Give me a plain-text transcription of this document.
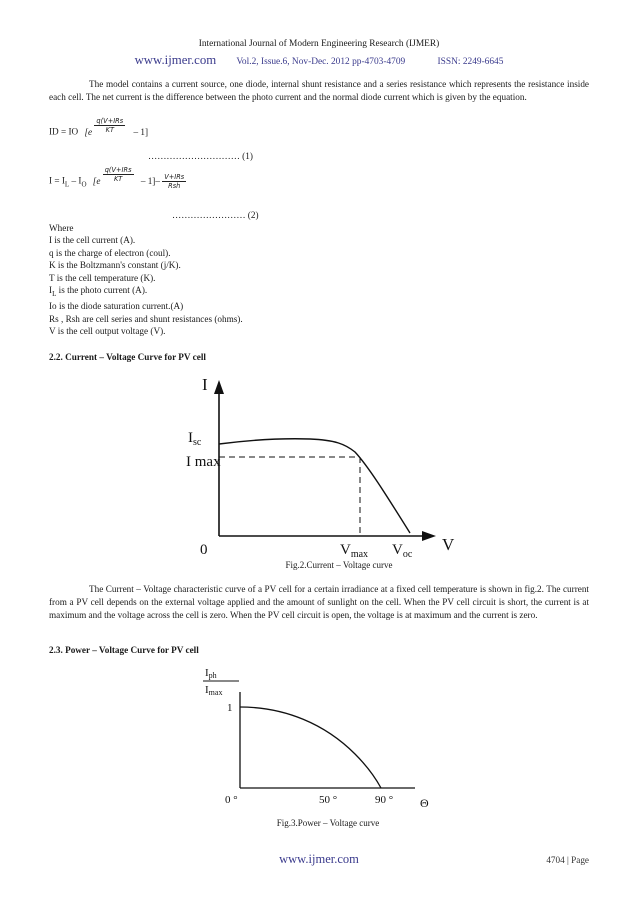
International Journal of Modern Engineering Research (IJMER)
www.ijmer.com Vol.2, Issue.6, Nov-Dec. 2012 pp-4703-4709	ISSN: 2249-6645
The model contains a current source, one diode, internal shunt resistance and a series resistance which represents the resistance inside each cell. The net current is the difference between the photo current and the normal diode current which is given by the equation.
ID = IO $[e \frac{\text{q(V+IRs}}{KT} - 1]$
………………………… (1)
$I = I_L - I_O$ $[e \frac{\text{q(V+IRs}}{KT} - 1]- \frac{\text{V+IRs}}{\text{Rsh}}$
…………………… (2)
Where
I is the cell current (A).
q is the charge of electron (coul).
K is the Boltzmann's constant (j/K).
T is the cell temperature (K).
$I_L$ is the photo current (A).
Io is the diode saturation current.(A)
Rs , Rsh are cell series and shunt resistances (ohms).
V is the cell output voltage (V).
2.2. Current – Voltage Curve for PV cell
I
V
0
$I_{sc}$
I max
$V_{max}$ $V_{oc}$
Fig.2.Current – Voltage curve
The Current – Voltage characteristic curve of a PV cell for a certain irradiance at a fixed cell temperature is shown in fig.2. The current from a PV cell depends on the external voltage applied and the amount of sunlight on the cell. When the PV cell circuit is short, the current is at maximum and the voltage across the cell is zero. When the PV cell circuit is open, the voltage is at maximum and the current is zero.
2.3. Power – Voltage Curve for PV cell
Iph
Imax
1
0 °	50 °	90 ° Θ
Fig.3.Power – Voltage curve
www.ijmer.com	4704 | Page
